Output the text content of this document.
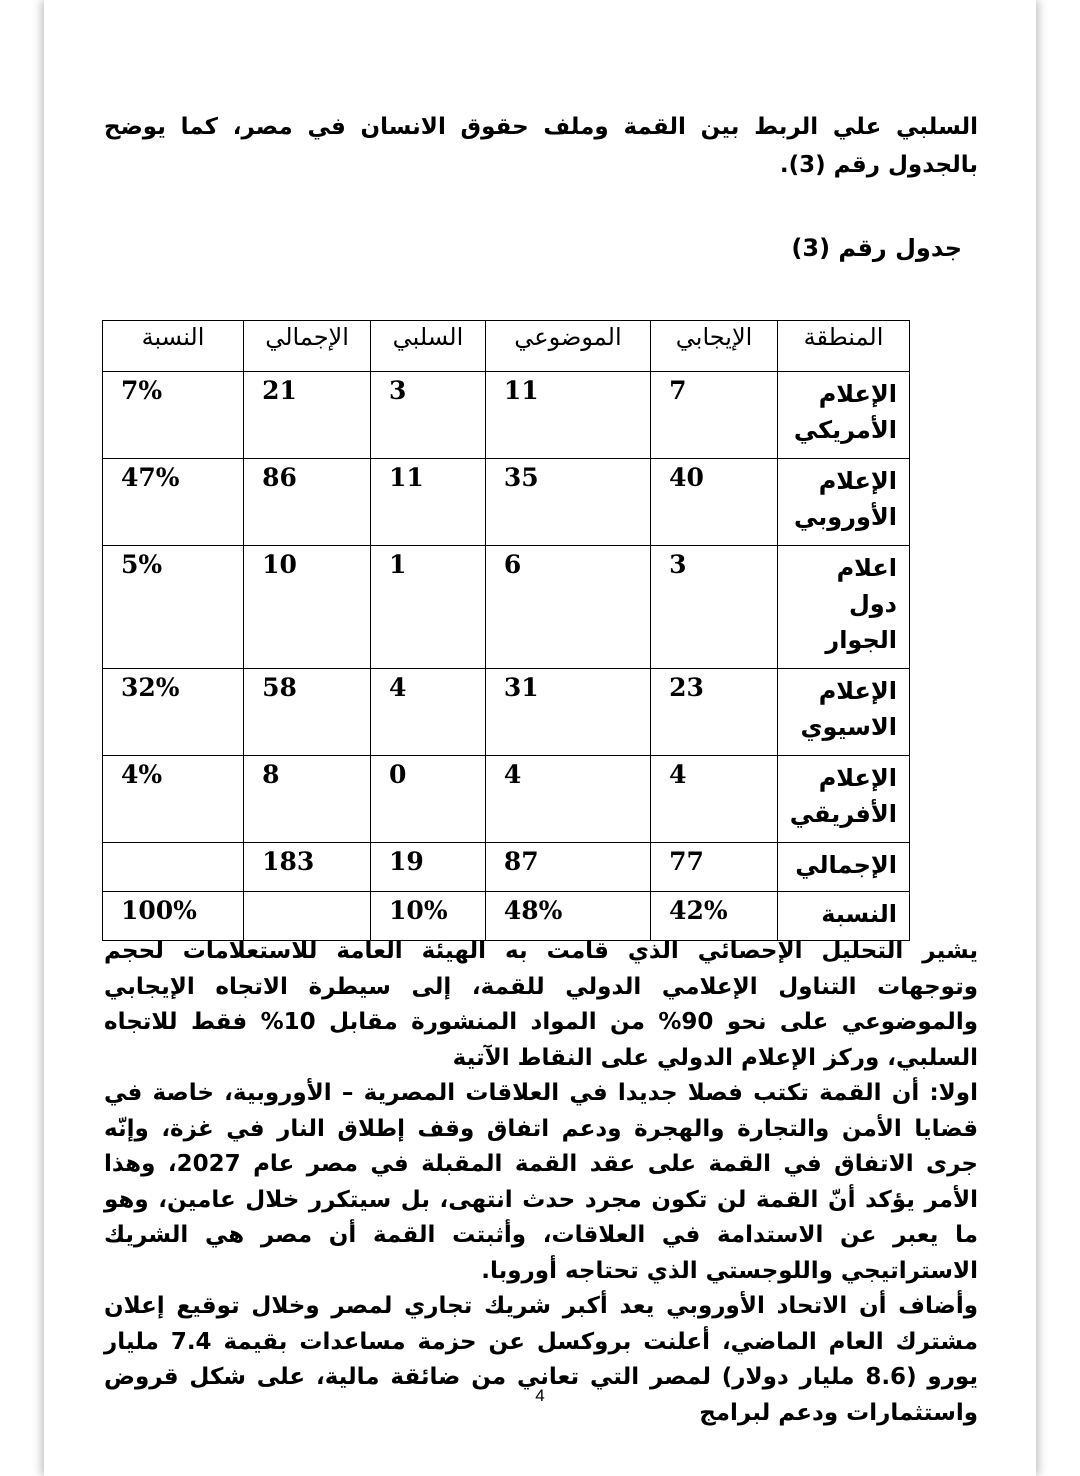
السلبي علي الربط بين القمة وملف حقوق الانسان في مصر، كما يوضح بالجدول رقم (3).
جدول رقم (3)
المنطقة	الإيجابي	الموضوعي	السلبي	الإجمالي	النسبة
الإعلام الأمريكي	7	11	3	21	7%
الإعلام الأوروبي	40	35	11	86	47%
اعلام دول الجوار	3	6	1	10	5%
الإعلام الاسيوي	23	31	4	58	32%
الإعلام الأفريقي	4	4	0	8	4%
الإجمالي	77	87	19	183	
النسبة	42%	48%	10%		100%

يشير التحليل الإحصائي الذي قامت به الهيئة العامة للاستعلامات لحجم وتوجهات التناول الإعلامي الدولي للقمة، إلى سيطرة الاتجاه الإيجابي والموضوعي على نحو 90% من المواد المنشورة مقابل 10% فقط للاتجاه السلبي، وركز الإعلام الدولي على النقاط الآتية

اولا: أن القمة تكتب فصلا جديدا في العلاقات المصرية – الأوروبية، خاصة في قضايا الأمن والتجارة والهجرة ودعم اتفاق وقف إطلاق النار في غزة، وإنّه جرى الاتفاق في القمة على عقد القمة المقبلة في مصر عام 2027، وهذا الأمر يؤكد أنّ القمة لن تكون مجرد حدث انتهى، بل سيتكرر خلال عامين، وهو ما يعبر عن الاستدامة في العلاقات، وأثبتت القمة أن مصر هي الشريك الاستراتيجي واللوجستي الذي تحتاجه أوروبا.

وأضاف أن الاتحاد الأوروبي يعد أكبر شريك تجاري لمصر وخلال توقيع إعلان مشترك العام الماضي، أعلنت بروكسل عن حزمة مساعدات بقيمة 7.4 مليار يورو (8.6 مليار دولار) لمصر التي تعاني من ضائقة مالية، على شكل قروض واستثمارات ودعم لبرامج

4
